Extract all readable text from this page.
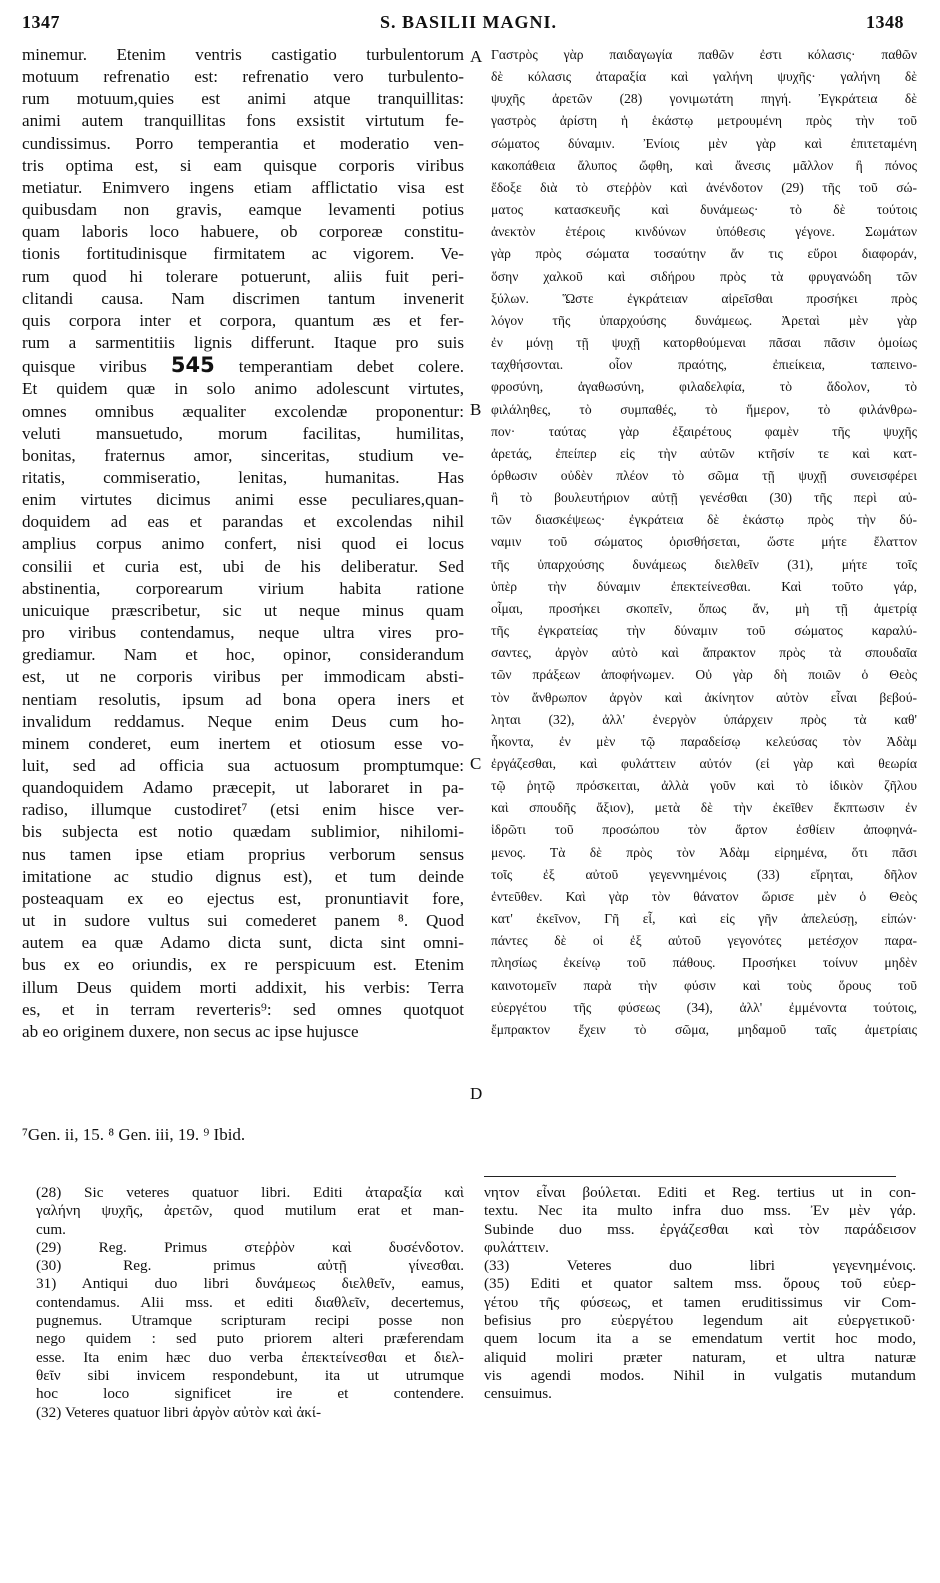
1347	S. BASILII MAGNI.	1348
minemur. Etenim ventris castigatio turbulentorum
motuum refrenatio est: refrenatio vero turbulento-
rum motuum,quies est animi atque tranquillitas:
animi autem tranquillitas fons exsistit virtutum fe-
cundissimus. Porro temperantia et moderatio ven-
tris optima est, si eam quisque corporis viribus
metiatur. Enimvero ingens etiam afflictatio visa est
quibusdam non gravis, eamque levamenti potius
quam laboris loco habuere, ob corporeæ constitu-
tionis fortitudinisque firmitatem ac vigorem. Ve-
rum quod hi tolerare potuerunt, aliis fuit peri-
clitandi causa. Nam discrimen tantum invenerit
quis corpora inter et corpora, quantum æs et fer-
rum a sarmentitiis lignis differunt. Itaque pro suis
quisque viribus 545 temperantiam debet colere.
Et quidem quæ in solo animo adolescunt virtutes,
omnes omnibus æqualiter excolendæ proponentur:
veluti mansuetudo, morum facilitas, humilitas,
bonitas, fraternus amor, sinceritas, studium ve-
ritatis, commiseratio, lenitas, humanitas. Has
enim virtutes dicimus animi esse peculiares,quan-
doquidem ad eas et parandas et excolendas nihil
amplius corpus animo confert, nisi quod ei locus
consilii et curia est, ubi de his deliberatur. Sed
abstinentia, corporearum virium habita ratione
unicuique præscribetur, sic ut neque minus quam
pro viribus contendamus, neque ultra vires pro-
grediamur. Nam et hoc, opinor, considerandum
est, ut ne corporis viribus per immodicam absti-
nentiam resolutis, ipsum ad bona opera iners et
invalidum reddamus. Neque enim Deus cum ho-
minem conderet, eum inertem et otiosum esse vo-
luit, sed ad officia sua actuosum promptumque:
quandoquidem Adamo præcepit, ut laboraret in pa-
radiso, illumque custodiret⁷ (etsi enim hisce ver-
bis subjecta est notio quædam sublimior, nihilomi-
nus tamen ipse etiam proprius verborum sensus
imitatione ac studio dignus est), et tum deinde
posteaquam ex eo ejectus est, pronuntiavit fore,
ut in sudore vultus sui comederet panem ⁸. Quod
autem ea quæ Adamo dicta sunt, dicta sint omni-
bus ex eo oriundis, ex re perspicuum est. Etenim
illum Deus quidem morti addixit, his verbis: Terra
es, et in terram reverteris⁹: sed omnes quotquot
ab eo originem duxere, non secus ac ipse hujusce
A
B
C
D
Γαστρὸς γὰρ παιδαγωγία παθῶν ἐστι κόλασις· παθῶν
δὲ κόλασις ἀταραξία καὶ γαλήνη ψυχῆς· γαλήνη δὲ
ψυχῆς ἀρετῶν (28) γονιμωτάτη πηγή. Ἐγκράτεια δὲ
γαστρὸς ἀρίστη ἡ ἑκάστῳ μετρουμένη πρὸς τὴν τοῦ
σώματος δύναμιν. Ἐνίοις μὲν γὰρ καὶ ἐπιτεταμένη
κακοπάθεια ἄλυπος ὤφθη, καὶ ἄνεσις μᾶλλον ἢ πόνος
ἔδοξε διὰ τὸ στεῤῥὸν καὶ ἀνένδοτον (29) τῆς τοῦ σώ-
ματος κατασκευῆς καὶ δυνάμεως· τὸ δὲ τούτοις
ἀνεκτὸν ἑτέροις κινδύνων ὑπόθεσις γέγονε. Σωμάτων
γὰρ πρὸς σώματα τοσαύτην ἄν τις εὕροι διαφοράν,
ὅσην χαλκοῦ καὶ σιδήρου πρὸς τὰ φρυγανώδη τῶν
ξύλων. Ὥστε ἐγκράτειαν αἱρεῖσθαι προσήκει πρὸς
λόγον τῆς ὑπαρχούσης δυνάμεως. Ἀρεταὶ μὲν γὰρ
ἐν μόνῃ τῇ ψυχῇ κατορθούμεναι πᾶσαι πᾶσιν ὁμοίως
ταχθήσονται. οἷον πραότης, ἐπιείκεια, ταπεινο-
φροσύνη, ἀγαθωσύνη, φιλαδελφία, τὸ ἄδολον, τὸ
φιλάληθες, τὸ συμπαθές, τὸ ἥμερον, τὸ φιλάνθρω-
πον· ταύτας γὰρ ἐξαιρέτους φαμὲν τῆς ψυχῆς
ἀρετάς, ἐπείπερ εἰς τὴν αὐτῶν κτῆσίν τε καὶ κατ-
όρθωσιν οὐδὲν πλέον τὸ σῶμα τῇ ψυχῇ συνεισφέρει
ἢ τὸ βουλευτήριον αὐτῇ γενέσθαι (30) τῆς περὶ αὐ-
τῶν διασκέψεως· ἐγκράτεια δὲ ἑκάστῳ πρὸς τὴν δύ-
ναμιν τοῦ σώματος ὁρισθήσεται, ὥστε μήτε ἔλαττον
τῆς ὑπαρχούσης δυνάμεως διελθεῖν (31), μήτε τοῖς
ὑπὲρ τὴν δύναμιν ἐπεκτείνεσθαι. Καὶ τοῦτο γάρ,
οἶμαι, προσήκει σκοπεῖν, ὅπως ἄν, μὴ τῇ ἀμετρίᾳ
τῆς ἐγκρατείας τὴν δύναμιν τοῦ σώματος καραλύ-
σαντες, ἀργὸν αὐτὸ καὶ ἄπρακτον πρὸς τὰ σπουδαῖα
τῶν πράξεων ἀποφήνωμεν. Οὐ γὰρ δὴ ποιῶν ὁ Θεὸς
τὸν ἄνθρωπον ἀργὸν καὶ ἀκίνητον αὐτὸν εἶναι βεβού-
ληται (32), ἀλλ' ἐνεργὸν ὑπάρχειν πρὸς τὰ καθ'
ἧκοντα, ἐν μὲν τῷ παραδείσῳ κελεύσας τὸν Ἀδὰμ
ἐργάζεσθαι, καὶ φυλάττειν αὐτόν (εἰ γὰρ καὶ θεωρία
τῷ ῥητῷ πρόσκειται, ἀλλὰ γοῦν καὶ τὸ ἰδικὸν ζῆλου
καὶ σπουδῆς ἄξιον), μετὰ δὲ τὴν ἐκεῖθεν ἔκπτωσιν ἐν
ἱδρῶτι τοῦ προσώπου τὸν ἄρτον ἐσθίειν ἀποφηνά-
μενος. Τὰ δὲ πρὸς τὸν Ἀδὰμ εἰρημένα, ὅτι πᾶσι
τοῖς ἐξ αὐτοῦ γεγεννημένοις (33) εἴρηται, δῆλον
ἐντεῦθεν. Καὶ γὰρ τὸν θάνατον ὥρισε μὲν ὁ Θεὸς
κατ' ἐκεῖνον, Γῆ εἶ, καὶ εἰς γῆν ἀπελεύσῃ, εἰπών·
πάντες δὲ οἱ ἐξ αὐτοῦ γεγονότες μετέσχον παρα-
πλησίως ἐκείνῳ τοῦ πάθους. Προσήκει τοίνυν μηδὲν
καινοτομεῖν παρὰ τὴν φύσιν καὶ τοὺς ὅρους τοῦ
εὐεργέτου τῆς φύσεως (34), ἀλλ' ἐμμένοντα τούτοις,
ἔμπρακτον ἔχειν τὸ σῶμα, μηδαμοῦ ταῖς ἀμετρίαις
⁷Gen. ii, 15. ⁸ Gen. iii, 19. ⁹ Ibid.
(28) Sic veteres quatuor libri. Editi ἀταραξία καὶ
γαλήνη ψυχῆς, ἀρετῶν, quod mutilum erat et man-
cum.
(29) Reg. Primus στεῤῥὸν καὶ δυσένδοτον.
(30) Reg. primus αὐτῇ γίνεσθαι.
31) Antiqui duo libri δυνάμεως διελθεῖν, eamus,
contendamus. Alii mss. et editi διαθλεῖν, decertemus,
pugnemus. Utramque scripturam recipi posse non
nego quidem : sed puto priorem alteri præferendam
esse. Ita enim hæc duo verba ἐπεκτείνεσθαι et διελ-
θεῖν sibi invicem respondebunt, ita ut utrumque
hoc loco significet ire et contendere.
(32) Veteres quatuor libri ἀργὸν αὐτὸν καὶ ἀκί-
νητον εἶναι βούλεται. Editi et Reg. tertius ut in con-
textu. Nec ita multo infra duo mss. Ἐν μὲν γάρ.
Subinde duo mss. ἐργάζεσθαι καὶ τὸν παράδεισον
φυλάττειν.
(33) Veteres duo libri γεγενημένοις.
(35) Editi et quator saltem mss. ὅρους τοῦ εὐερ-
γέτου τῆς φύσεως, et tamen eruditissimus vir Com-
befisius pro εὐεργέτου legendum ait εὐεργετικοῦ·
quem locum ita a se emendatum vertit hoc modo,
aliquid moliri præter naturam, et ultra naturæ
vis agendi modos. Nihil in vulgatis mutandum
censuimus.
